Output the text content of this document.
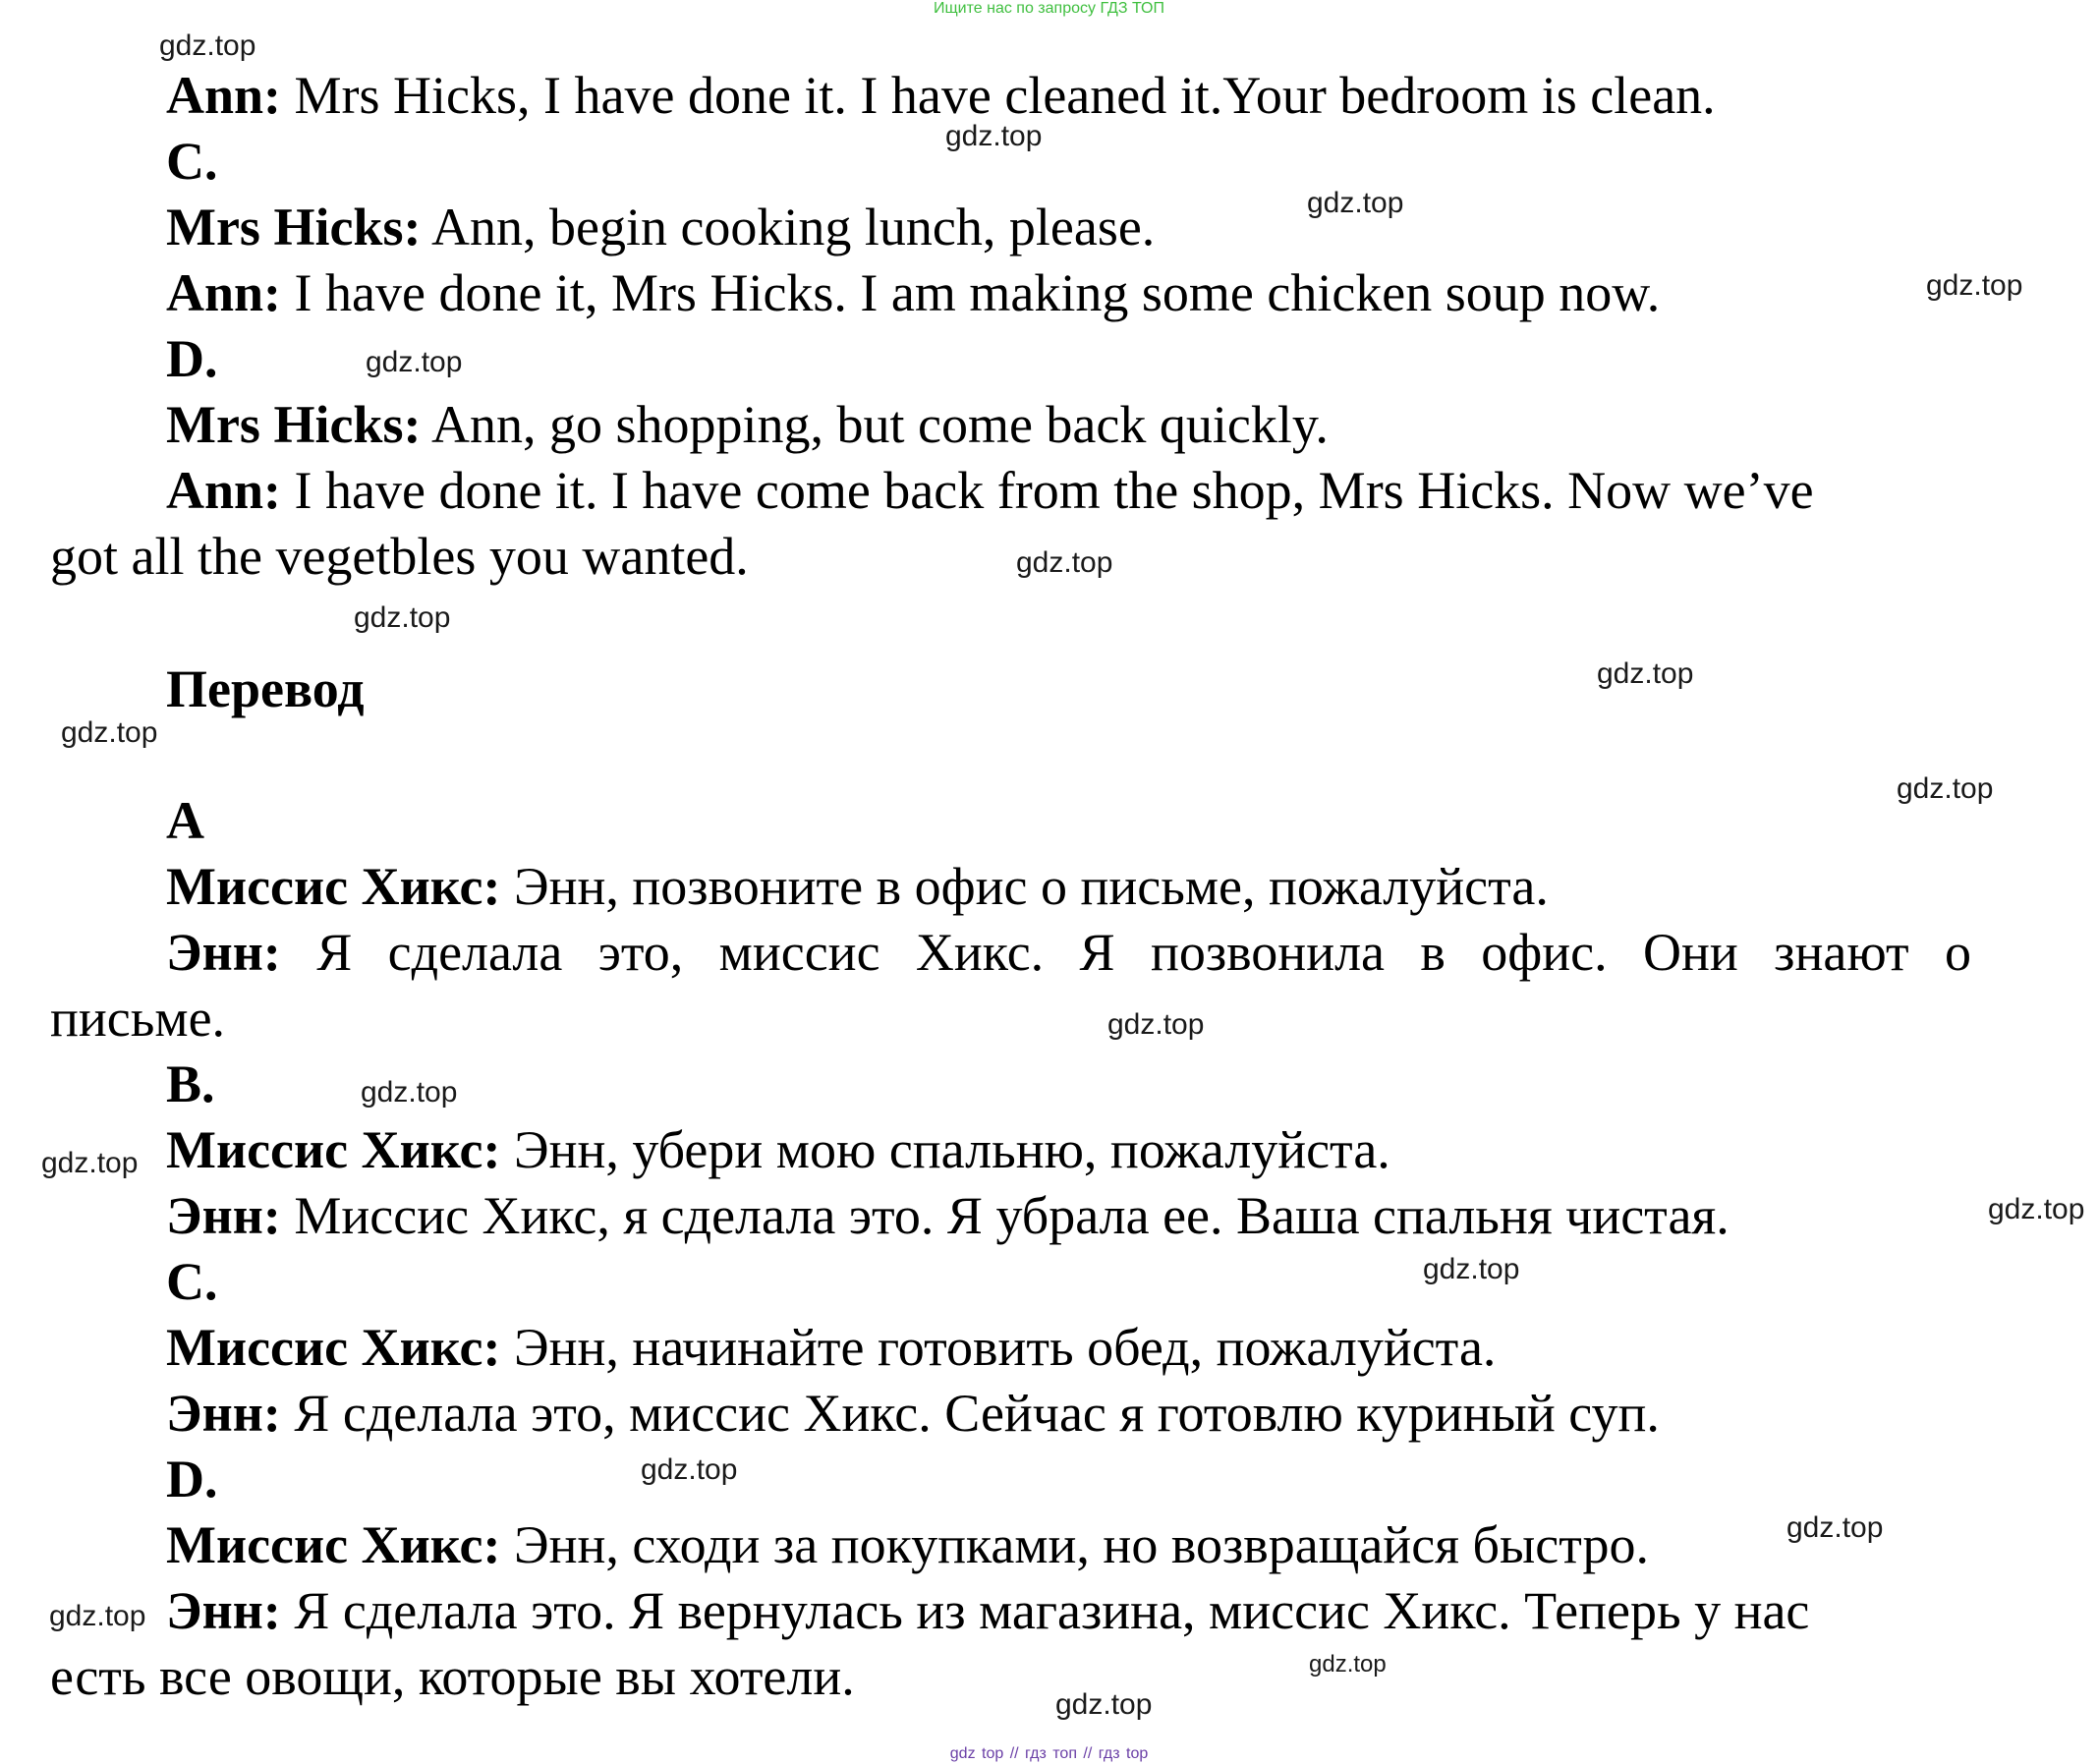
Ищите нас по запросу ГДЗ ТОП

Ann: Mrs Hicks, I have done it. I have cleaned it.Your bedroom is clean.

C.

Mrs Hicks: Ann, begin cooking lunch, please.

Ann: I have done it, Mrs Hicks. I am making some chicken soup now.

D.

Mrs Hicks: Ann, go shopping, but come back quickly.

Ann: I have done it. I have come back from the shop, Mrs Hicks. Now we’ve

got all the vegetbles you wanted.

Перевод

A

Миссис Хикс: Энн, позвоните в офис о письме, пожалуйста.

Энн: Я сделала это, миссис Хикс. Я позвонила в офис. Они знают о

письме.

B.

Миссис Хикс: Энн, убери мою спальню, пожалуйста.

Энн: Миссис Хикс, я сделала это. Я убрала ее. Ваша спальня чистая.

C.

Миссис Хикс: Энн, начинайте готовить обед, пожалуйста.

Энн: Я сделала это, миссис Хикс. Сейчас я готовлю куриный суп.

D.

Миссис Хикс: Энн, сходи за покупками, но возвращайся быстро.

Энн: Я сделала это. Я вернулась из магазина, миссис Хикс. Теперь у нас

есть все овощи, которые вы хотели.

gdz.top
gdz.top
gdz.top
gdz.top
gdz.top
gdz.top
gdz.top
gdz.top
gdz.top
gdz.top
gdz.top
gdz.top
gdz.top
gdz.top
gdz.top
gdz.top
gdz.top
gdz.top
gdz.top
gdz.top
gdz top // гдз топ // гдз top
